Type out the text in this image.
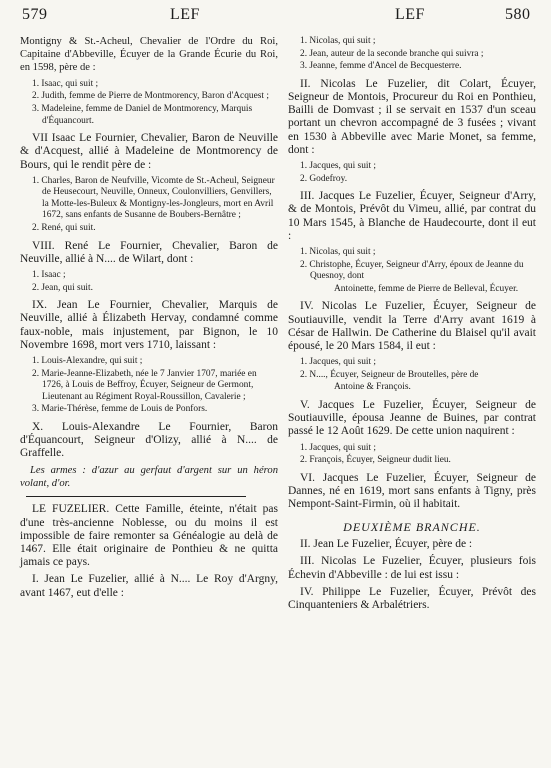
579	LEF	LEF	580

Montigny & St.-Acheul, Chevalier de l'Ordre du Roi, Capitaine d'Abbeville, Écuyer de la Grande Écurie du Roi, en 1598, père de :

1. Isaac, qui suit ;
2. Judith, femme de Pierre de Montmorency, Baron d'Acquest ;
3. Madeleine, femme de Daniel de Montmorency, Marquis d'Équancourt.

VII Isaac Le Fournier, Chevalier, Baron de Neuville & d'Acquest, allié à Madeleine de Montmorency de Bours, qui le rendit père de :

1. Charles, Baron de Neufville, Vicomte de St.-Acheul, Seigneur de Heusecourt, Neuville, Onneux, Coulonvilliers, Genvillers, la Motte-les-Buleux & Montigny-les-Jongleurs, mort en Avril 1672, sans enfants de Susanne de Boubers-Bernâtre ;
2. René, qui suit.

VIII. René Le Fournier, Chevalier, Baron de Neuville, allié à N.... de Wilart, dont :

1. Isaac ;
2. Jean, qui suit.

IX. Jean Le Fournier, Chevalier, Marquis de Neuville, allié à Élizabeth Hervay, condamné comme faux-noble, mais injustement, par Bignon, le 10 Novembre 1698, mort vers 1710, laissant :

1. Louis-Alexandre, qui suit ;
2. Marie-Jeanne-Elizabeth, née le 7 Janvier 1707, mariée en 1726, à Louis de Beffroy, Écuyer, Seigneur de Germont, Lieutenant au Régiment Royal-Roussillon, Cavalerie ;
3. Marie-Thérèse, femme de Louis de Ponfors.

X. Louis-Alexandre Le Fournier, Baron d'Équancourt, Seigneur d'Olizy, allié à N.... de Graffelle.

Les armes : d'azur au gerfaut d'argent sur un héron volant, d'or.

LE FUZELIER. Cette Famille, éteinte, n'était pas d'une très-ancienne Noblesse, ou du moins il est impossible de faire remonter sa Généalogie au delà de 1467. Elle était originaire de Ponthieu & ne quitta jamais ce pays.

I. Jean Le Fuzelier, allié à N.... Le Roy d'Argny, avant 1467, eut d'elle :

1. Nicolas, qui suit ;
2. Jean, auteur de la seconde branche qui suivra ;
3. Jeanne, femme d'Ancel de Becquesterre.

II. Nicolas Le Fuzelier, dit Colart, Écuyer, Seigneur de Montois, Procureur du Roi en Ponthieu, Bailli de Domvast ; il se servait en 1537 d'un sceau portant un chevron accompagné de 3 fusées ; vivant en 1530 à Abbeville avec Marie Monet, sa femme, dont :

1. Jacques, qui suit ;
2. Godefroy.

III. Jacques Le Fuzelier, Écuyer, Seigneur d'Arry, & de Montois, Prévôt du Vimeu, allié, par contrat du 10 Mars 1545, à Blanche de Haudecourte, dont il eut :

1. Nicolas, qui suit ;
2. Christophe, Écuyer, Seigneur d'Arry, époux de Jeanne du Quesnoy, dont
Antoinette, femme de Pierre de Belleval, Écuyer.

IV. Nicolas Le Fuzelier, Écuyer, Seigneur de Soutiauville, vendit la Terre d'Arry avant 1619 à César de Hallwin. De Catherine du Blaisel qu'il avait épousé, le 20 Mars 1584, il eut :

1. Jacques, qui suit ;
2. N...., Écuyer, Seigneur de Broutelles, père de
Antoine & François.

V. Jacques Le Fuzelier, Écuyer, Seigneur de Soutiauville, épousa Jeanne de Buines, par contrat passé le 12 Août 1629. De cette union naquirent :

1. Jacques, qui suit ;
2. François, Écuyer, Seigneur dudit lieu.

VI. Jacques Le Fuzelier, Écuyer, Seigneur de Dannes, né en 1619, mort sans enfants à Tigny, près Nempont-Saint-Firmin, où il habitait.

DEUXIÈME BRANCHE.

II. Jean Le Fuzelier, Écuyer, père de :

III. Nicolas Le Fuzelier, Écuyer, plusieurs fois Échevin d'Abbeville : de lui est issu :

IV. Philippe Le Fuzelier, Écuyer, Prévôt des Cinquanteniers & Arbalétriers.
